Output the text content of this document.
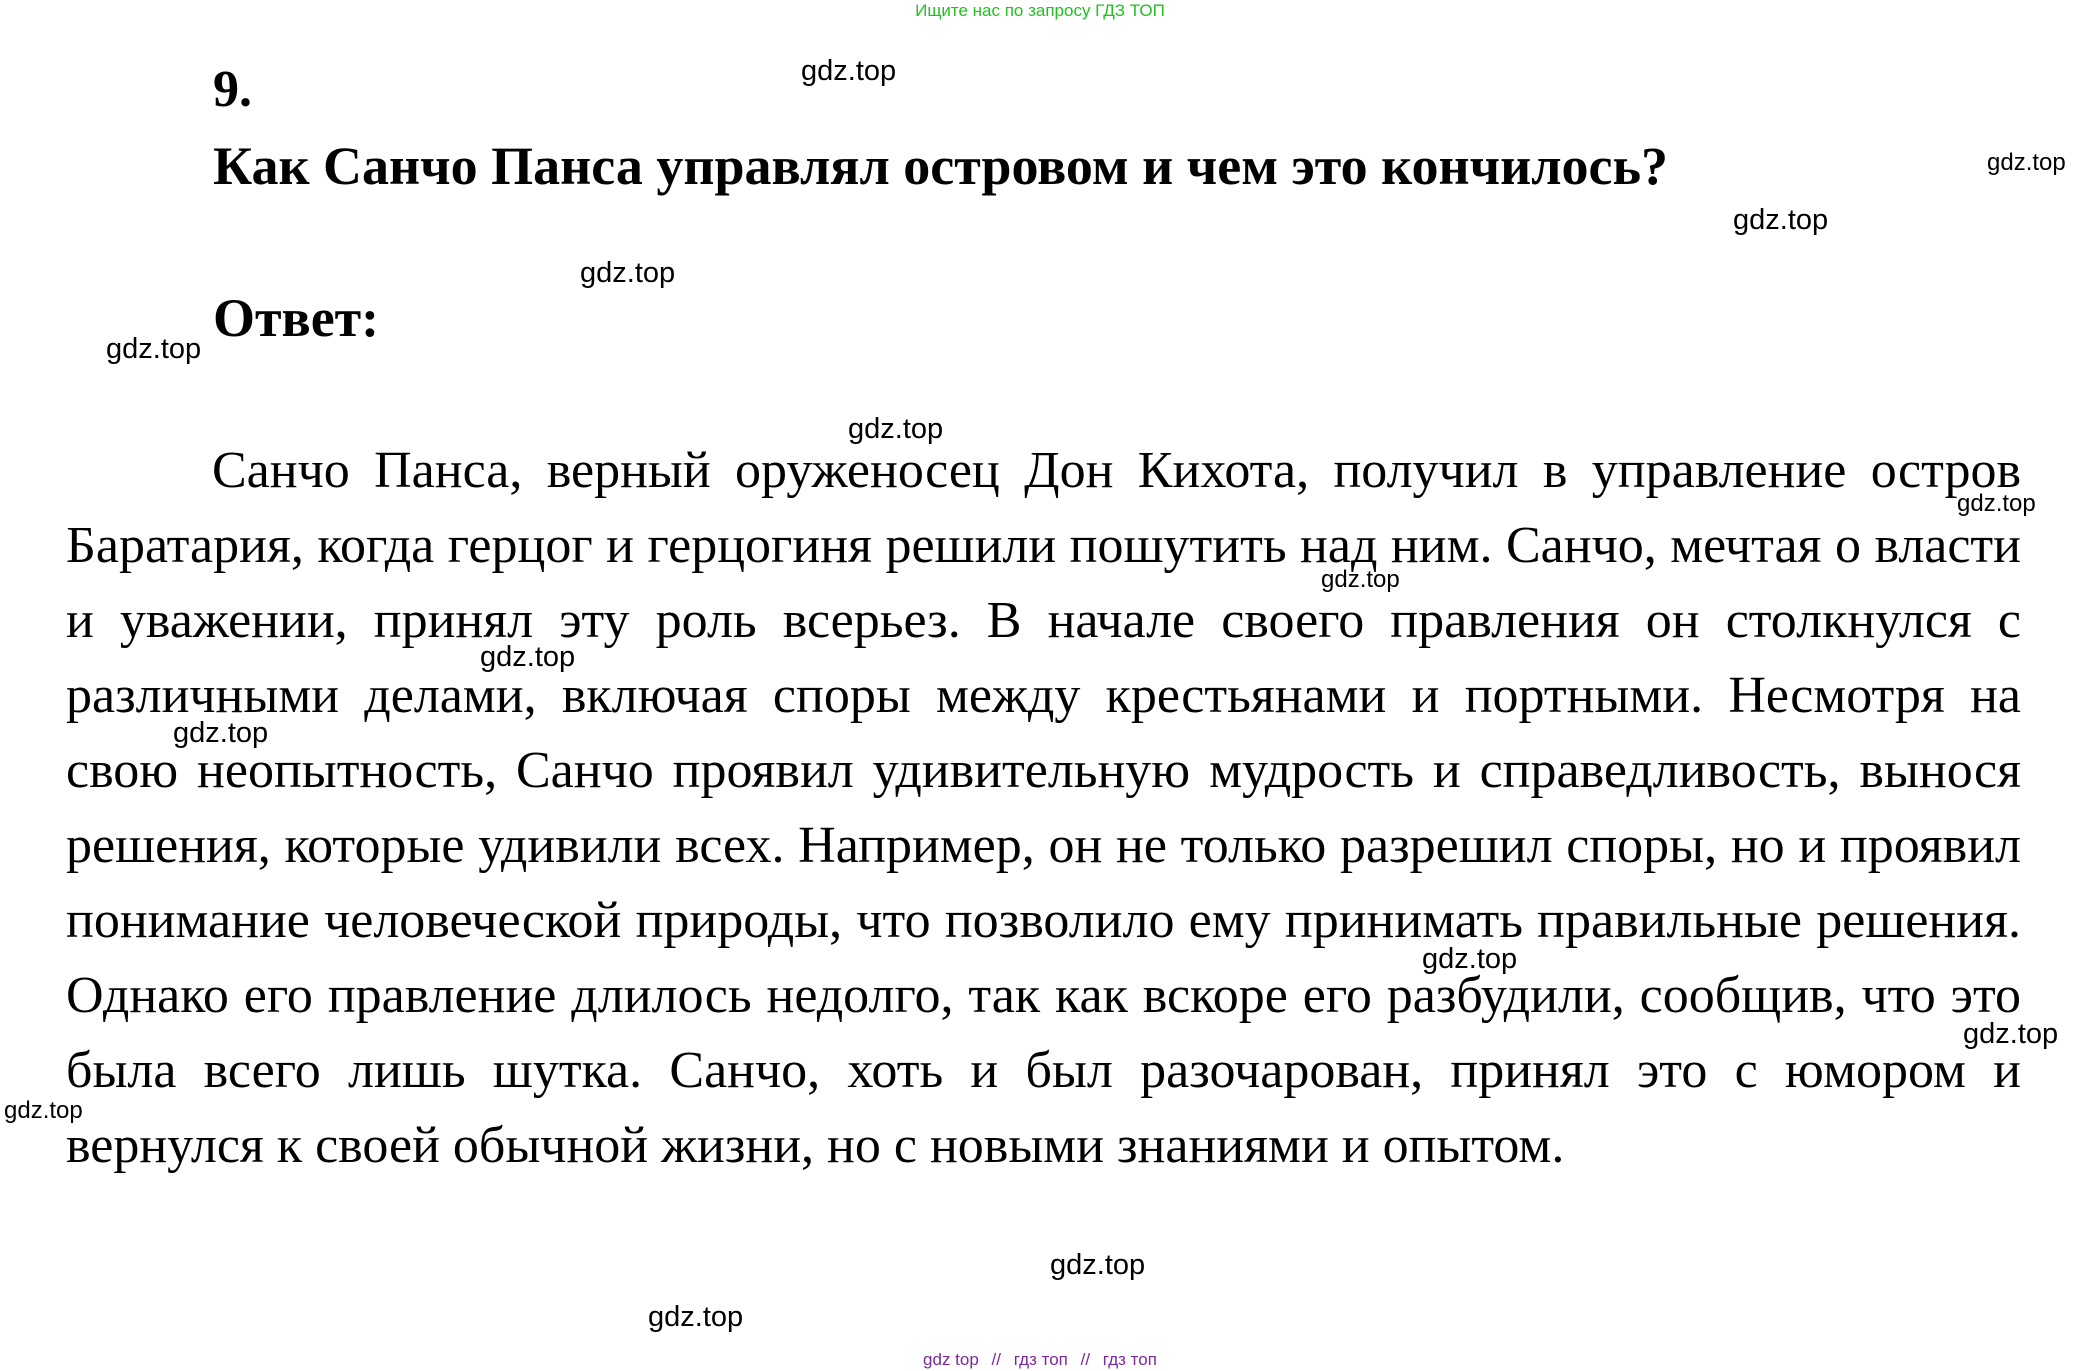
Ищите нас по запросу ГДЗ ТОП
9.
Как Санчо Панса управлял островом и чем это кончилось?
Ответ:

Санчо Панса, верный оруженосец Дон Кихота, получил в управление остров Баратария, когда герцог и герцогиня решили пошутить над ним. Санчо, мечтая о власти и уважении, принял эту роль всерьез. В начале своего правления он столкнулся с различными делами, включая споры между крестьянами и портными. Несмотря на свою неопытность, Санчо проявил удивительную мудрость и справедливость, вынося решения, которые удивили всех. Например, он не только разрешил споры, но и проявил понимание человеческой природы, что позволило ему принимать правильные решения. Однако его правление длилось недолго, так как вскоре его разбудили, сообщив, что это была всего лишь шутка. Санчо, хоть и был разочарован, принял это с юмором и вернулся к своей обычной жизни, но с новыми знаниями и опытом.

gdz.top
gdz.top
gdz.top
gdz.top
gdz.top
gdz.top
gdz.top
gdz.top
gdz.top
gdz.top
gdz.top
gdz.top
gdz.top
gdz.top
gdz.top
gdz top // гдз топ // гдз топ
